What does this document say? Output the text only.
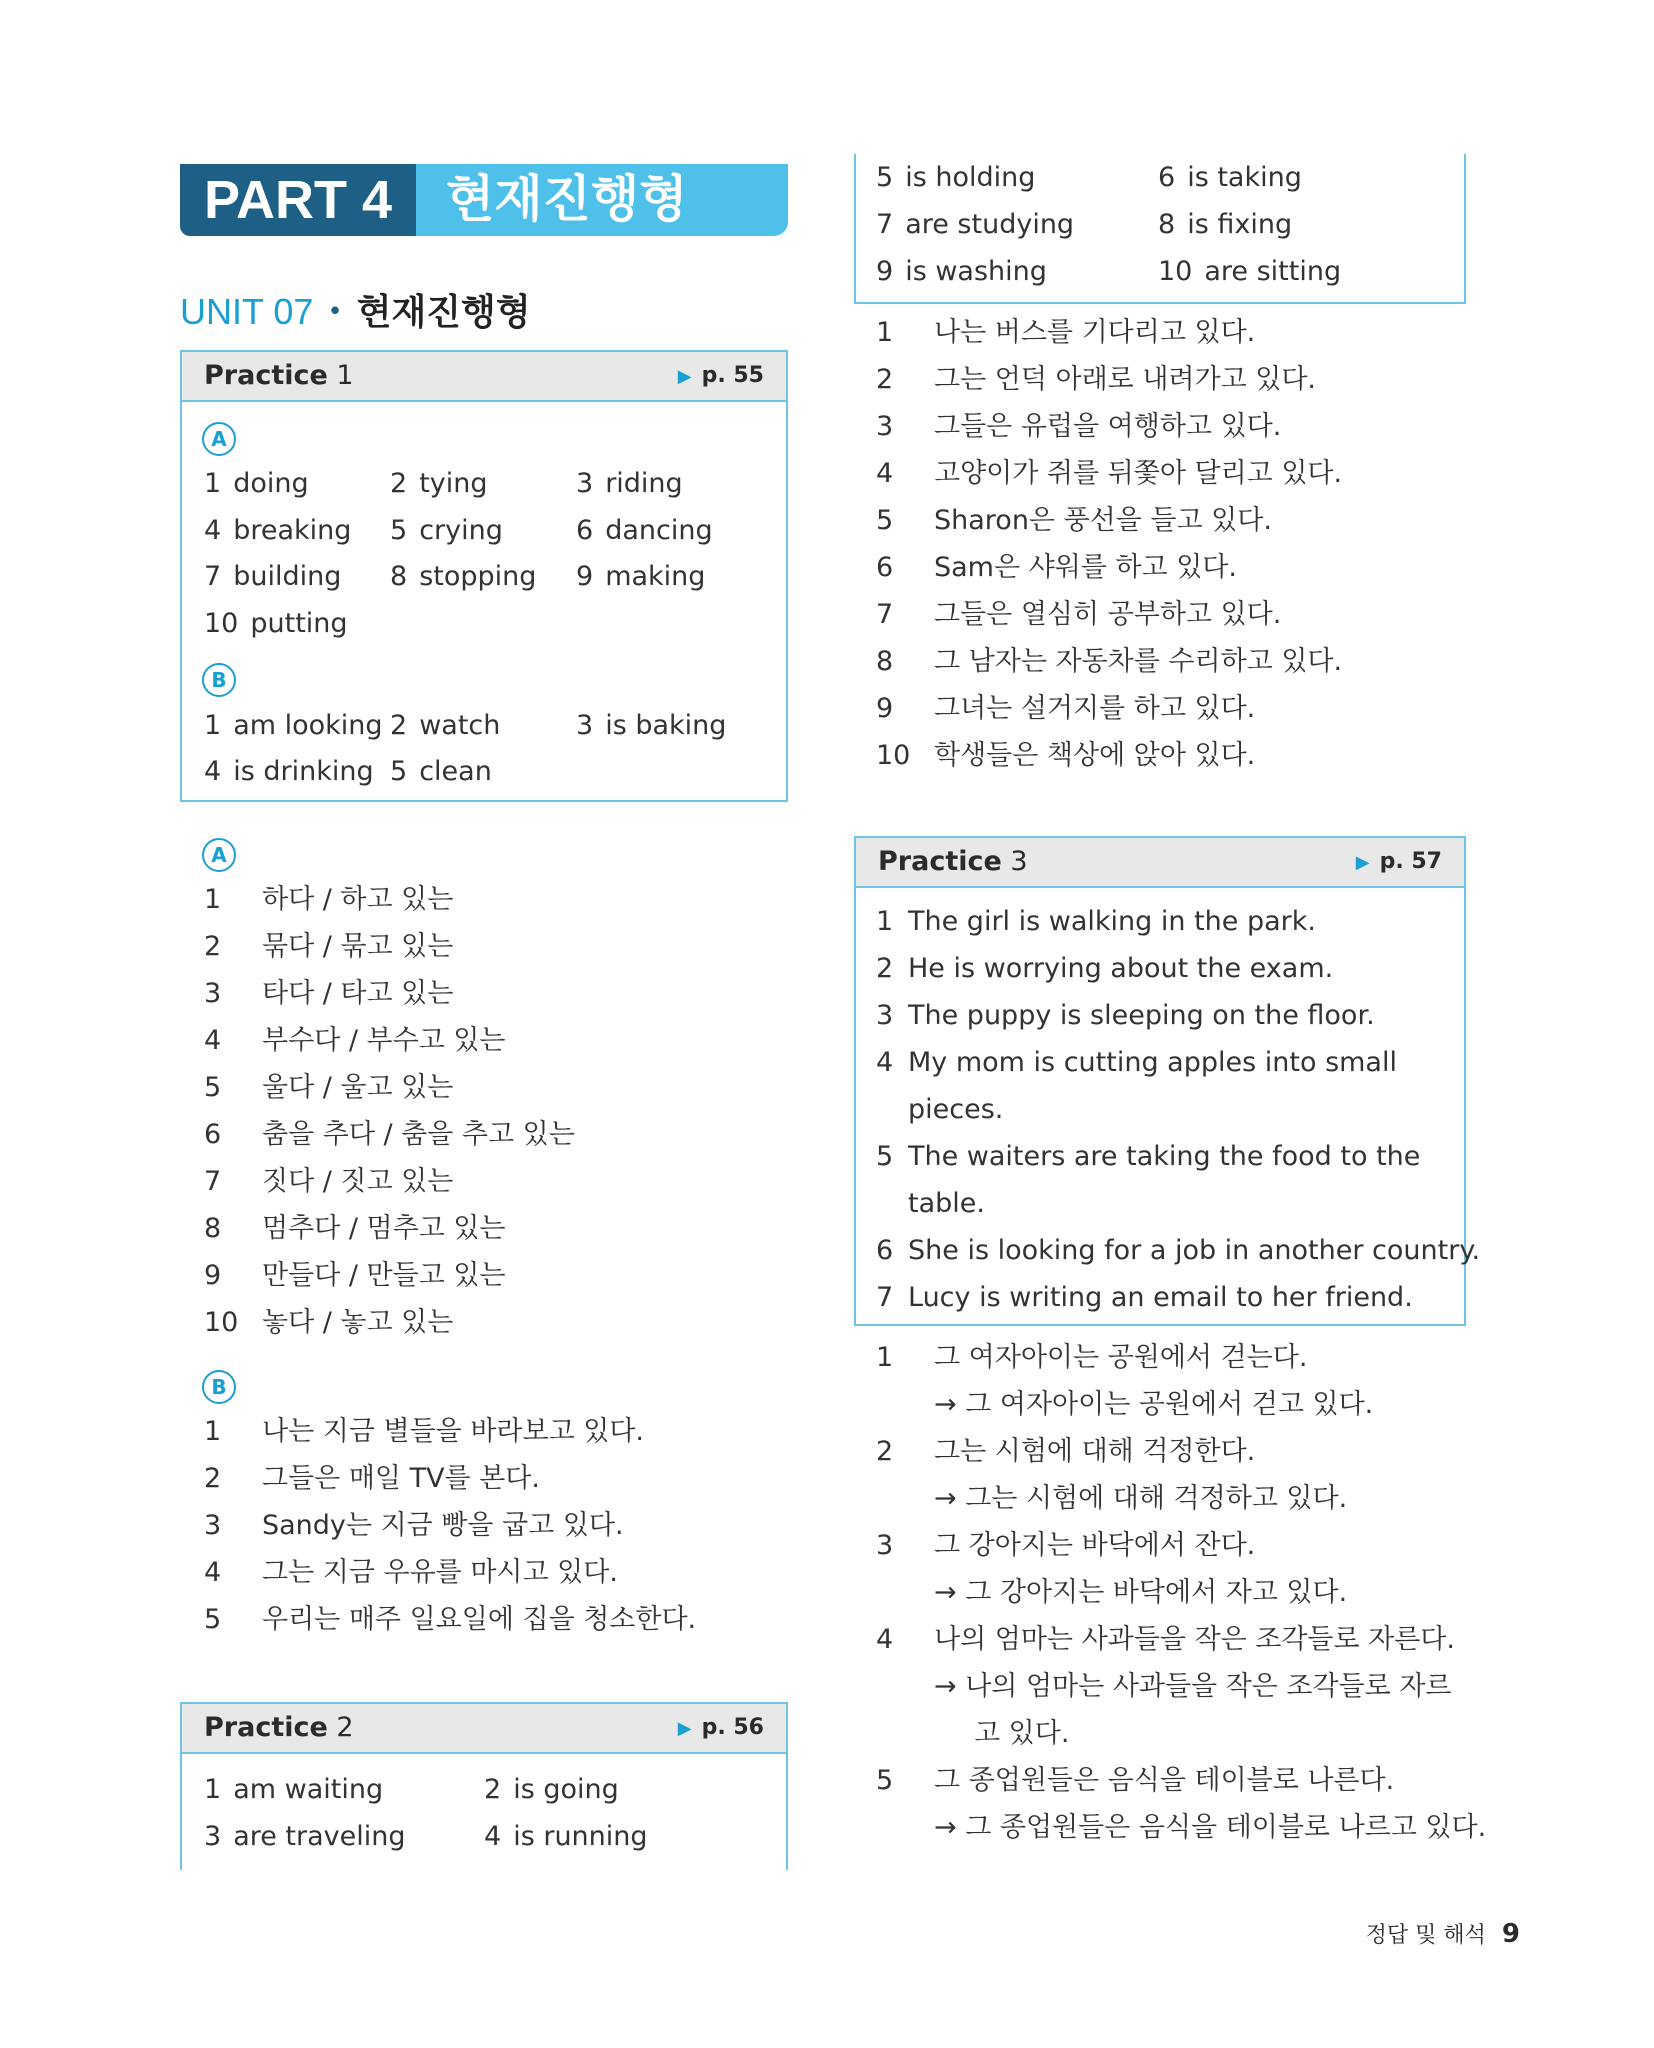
PART 4	현재진행형
UNIT 07 • 현재진행형
Practice 1	▶ p. 55
A
1 doing	2 tying	3 riding
4 breaking 5 crying	6 dancing
7 building 8 stopping 9 making
10 putting
B
1 am looking 2 watch	3 is baking
4 is drinking 5 clean
A
1 하다 / 하고 있는
2 묶다 / 묶고 있는
3 타다 / 타고 있는
4 부수다 / 부수고 있는
5 울다 / 울고 있는
6 춤을 추다 / 춤을 추고 있는
7 짓다 / 짓고 있는
8 멈추다 / 멈추고 있는
9 만들다 / 만들고 있는
10 놓다 / 놓고 있는
B
1 나는 지금 별들을 바라보고 있다.
2 그들은 매일 TV를 본다.
3 Sandy는 지금 빵을 굽고 있다.
4 그는 지금 우유를 마시고 있다.
5 우리는 매주 일요일에 집을 청소한다.
Practice 2	▶ p. 56
1 am waiting	2 is going
3 are traveling	4 is running
5 is holding	6 is taking
7 are studying	8 is fixing
9 is washing	10 are sitting
1 나는 버스를 기다리고 있다.
2 그는 언덕 아래로 내려가고 있다.
3 그들은 유럽을 여행하고 있다.
4 고양이가 쥐를 뒤쫓아 달리고 있다.
5 Sharon은 풍선을 들고 있다.
6 Sam은 샤워를 하고 있다.
7 그들은 열심히 공부하고 있다.
8 그 남자는 자동차를 수리하고 있다.
9 그녀는 설거지를 하고 있다.
10 학생들은 책상에 앉아 있다.
Practice 3	▶ p. 57
1 The girl is walking in the park.
2 He is worrying about the exam.
3 The puppy is sleeping on the floor.
4 My mom is cutting apples into small
pieces.
5 The waiters are taking the food to the
table.
6 She is looking for a job in another country.
7 Lucy is writing an email to her friend.
1 그 여자아이는 공원에서 걷는다.
→ 그 여자아이는 공원에서 걷고 있다.
2 그는 시험에 대해 걱정한다.
→ 그는 시험에 대해 걱정하고 있다.
3 그 강아지는 바닥에서 잔다.
→ 그 강아지는 바닥에서 자고 있다.
4 나의 엄마는 사과들을 작은 조각들로 자른다.
→ 나의 엄마는 사과들을 작은 조각들로 자르
고 있다.
5 그 종업원들은 음식을 테이블로 나른다.
→ 그 종업원들은 음식을 테이블로 나르고 있다.
정답 및 해석 9
